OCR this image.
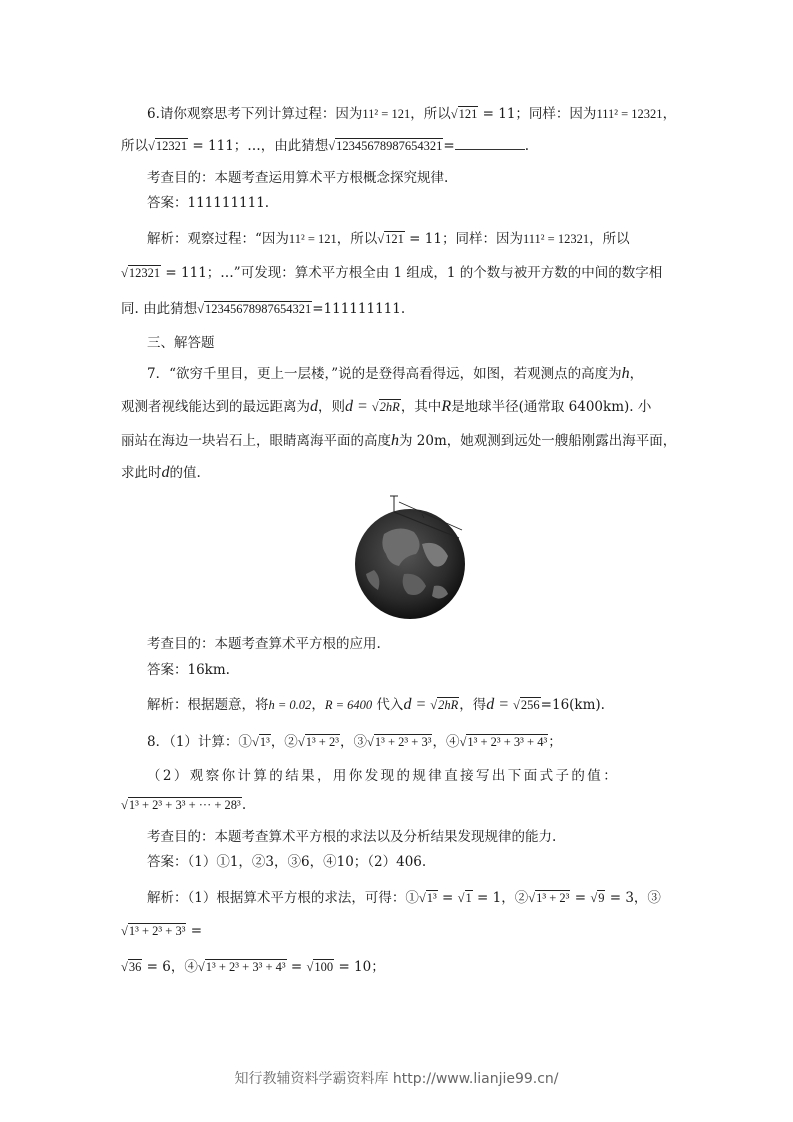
6.请你观察思考下列计算过程：因为11² = 121，所以√121 = 11；同样：因为111² = 12321，
所以√12321 = 111；…，由此猜想√12345678987654321=	.
考查目的：本题考查运用算术平方根概念探究规律.
答案：111111111.
解析：观察过程：“因为11² = 121，所以√121 = 11；同样：因为111² = 12321，所以
√12321 = 111；…”可发现：算术平方根全由 1 组成，1 的个数与被开方数的中间的数字相
同. 由此猜想√12345678987654321=111111111.
三、解答题
7．“欲穷千里目，更上一层楼，”说的是登得高看得远，如图，若观测点的高度为h，
观测者视线能达到的最远距离为d，则d = √2hR，其中R是地球半径(通常取 6400km). 小
丽站在海边一块岩石上，眼睛离海平面的高度h为 20m，她观测到远处一艘船刚露出海平面，
求此时d的值.
考查目的：本题考查算术平方根的应用.
答案：16km.
解析：根据题意，将h = 0.02，R = 6400 代入d = √2hR，得d = √256=16(km).
8．（1）计算：①√1³，②√1³ + 2³，③√1³ + 2³ + 3³，④√1³ + 2³ + 3³ + 4³；
（2）观察你计算的结果，用你发现的规律直接写出下面式子的值：
√1³ + 2³ + 3³ + ··· + 28³.
考查目的：本题考查算术平方根的求法以及分析结果发现规律的能力.
答案：（1）①1，②3，③6，④10；（2）406.
解析：（1）根据算术平方根的求法，可得：①√1³ = √1 = 1，②√1³ + 2³ = √9 = 3，③
√1³ + 2³ + 3³ =
√36 = 6，④√1³ + 2³ + 3³ + 4³ = √100 = 10；
知行教辅资料学霸资料库 http://www.lianjie99.cn/
